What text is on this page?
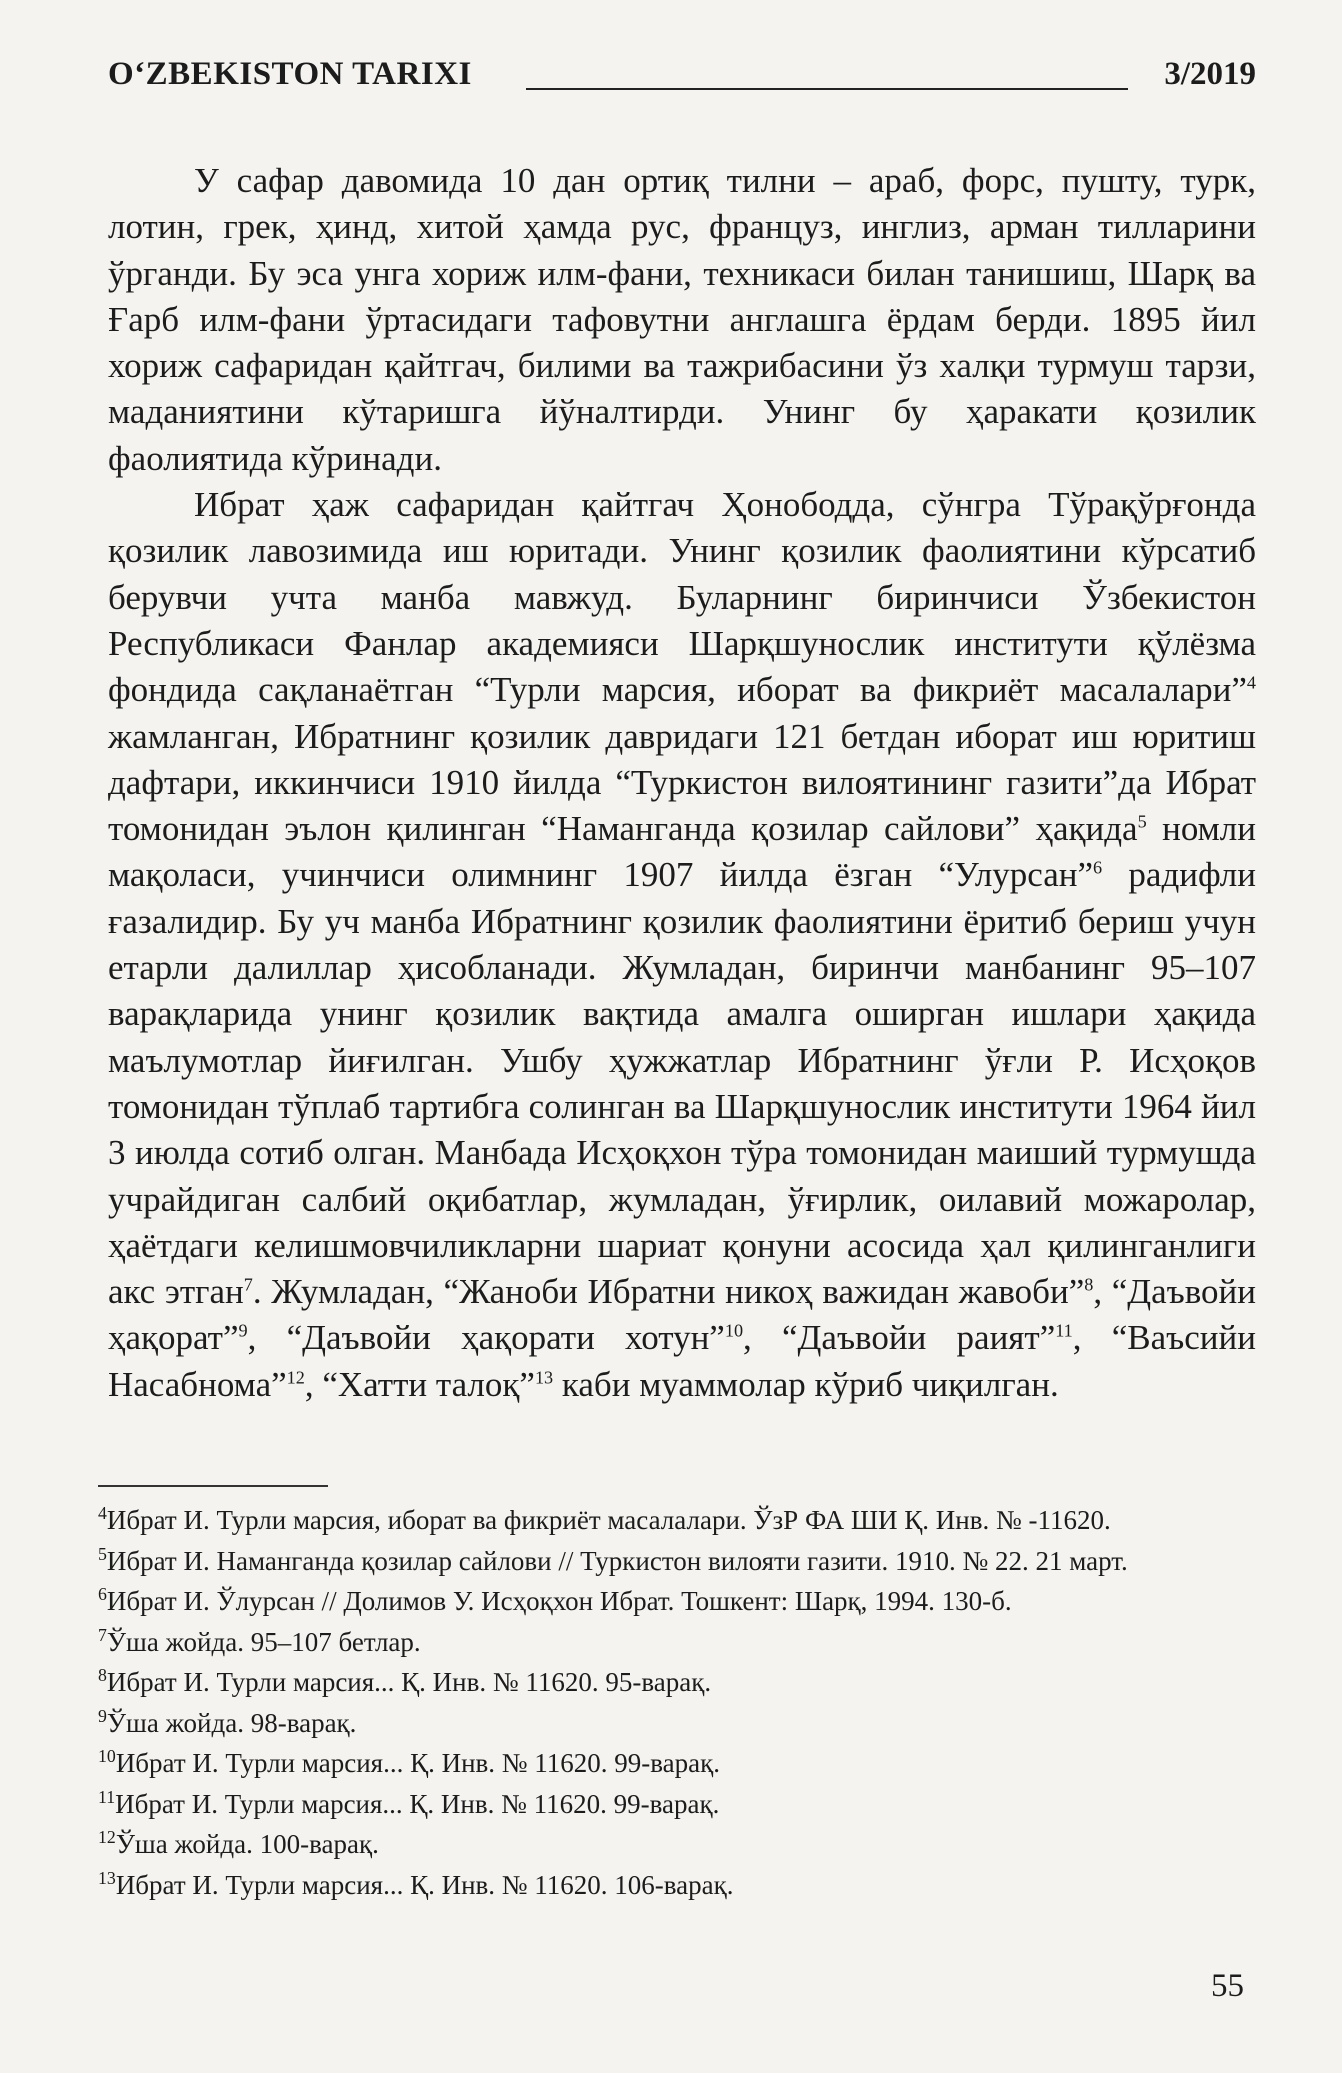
O‘ZBEKISTON TARIXI	3/2019

У сафар давомида 10 дан ортиқ тилни – араб, форс, пушту, турк, лотин, грек, ҳинд, хитой ҳамда рус, француз, инглиз, арман тилларини ўрганди. Бу эса унга хориж илм-фани, техникаси билан танишиш, Шарқ ва Ғарб илм-фани ўртасидаги тафовутни англашга ёрдам берди. 1895 йил хориж сафаридан қайтгач, билими ва тажрибасини ўз халқи турмуш тарзи, маданиятини кўтаришга йўналтирди. Унинг бу ҳаракати қозилик фаолиятида кўринади.

Ибрат ҳаж сафаридан қайтгач Ҳонободда, сўнгра Тўрақўрғонда қозилик лавозимида иш юритади. Унинг қозилик фаолиятини кўрсатиб берувчи учта манба мавжуд. Буларнинг биринчиси Ўзбекистон Республикаси Фанлар академияси Шарқшунослик институти қўлёзма фондида сақланаётган “Турли марсия, иборат ва фикриёт масалалари”$^4$ жамланган, Ибратнинг қозилик давридаги 121 бетдан иборат иш юритиш дафтари, иккинчиси 1910 йилда “Туркистон вилоятининг газити”да Ибрат томонидан эълон қилинган “Наманганда қозилар сайлови” ҳақида$^5$ номли мақоласи, учинчиси олимнинг 1907 йилда ёзган “Улурсан”$^6$ радифли ғазалидир. Бу уч манба Ибратнинг қозилик фаолиятини ёритиб бериш учун етарли далиллар ҳисобланади. Жумладан, биринчи манбанинг 95–107 варақларида унинг қозилик вақтида амалга оширган ишлари ҳақида маълумотлар йиғилган. Ушбу ҳужжатлар Ибратнинг ўғли Р. Исҳоқов томонидан тўплаб тартибга солинган ва Шарқшунослик институти 1964 йил 3 июлда сотиб олган. Манбада Исҳоқхон тўра томонидан маиший турмушда учрайдиган салбий оқибатлар, жумладан, ўғирлик, оилавий можаролар, ҳаётдаги келишмовчиликларни шариат қонуни асосида ҳал қилинганлиги акс этган$^7$. Жумладан, “Жаноби Ибратни никоҳ важидан жавоби”$^8$, “Даъвойи ҳақорат”$^9$, “Даъвойи ҳақорати хотун”$^{10}$, “Даъвойи раият”$^{11}$, “Ваъсийи Насабнома”$^{12}$, “Хатти талоқ”$^{13}$ каби муаммолар кўриб чиқилган.

$^4$Ибрат И. Турли марсия, иборат ва фикриёт масалалари. ЎзР ФА ШИ Қ. Инв. № -11620.
$^5$Ибрат И. Наманганда қозилар сайлови // Туркистон вилояти газити. 1910. № 22. 21 март.
$^6$Ибрат И. Ўлурсан // Долимов У. Исҳоқхон Ибрат. Тошкент: Шарқ, 1994. 130-б.
$^7$Ўша жойда. 95–107 бетлар.
$^8$Ибрат И. Турли марсия... Қ. Инв. № 11620. 95-варақ.
$^9$Ўша жойда. 98-варақ.
$^{10}$Ибрат И. Турли марсия... Қ. Инв. № 11620. 99-варақ.
$^{11}$Ибрат И. Турли марсия... Қ. Инв. № 11620. 99-варақ.
$^{12}$Ўша жойда. 100-варақ.
$^{13}$Ибрат И. Турли марсия... Қ. Инв. № 11620. 106-варақ.
55
